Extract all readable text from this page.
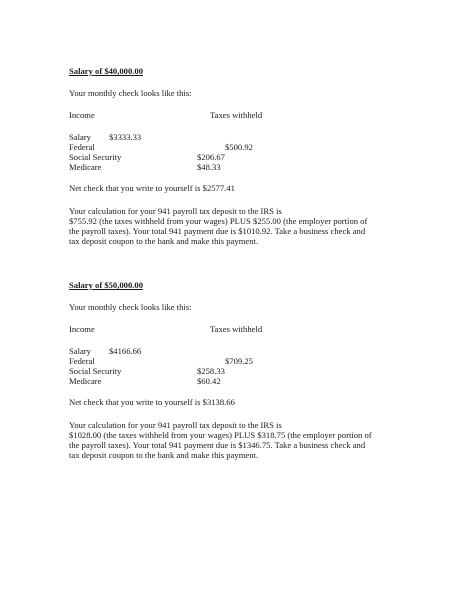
Salary of $40,000.00
Your monthly check looks like this:
Income	Taxes withheld
Salary $3333.33
Federal	$500.92
Social Security	$206.67
Medicare	$48.33
Net check that you write to yourself is $2577.41
Your calculation for your 941 payroll tax deposit to the IRS is
$755.92 (the taxes withheld from your wages) PLUS $255.00 (the employer portion of
the payroll taxes). Your total 941 payment due is $1010.92. Take a business check and
tax deposit coupon to the bank and make this payment.
Salary of $50,000.00
Your monthly check looks like this:
Income	Taxes withheld
Salary $4166.66
Federal	$709.25
Social Security	$258.33
Medicare	$60.42
Net check that you write to yourself is $3138.66
Your calculation for your 941 payroll tax deposit to the IRS is
$1028.00 (the taxes withheld from your wages) PLUS $318.75 (the employer portion of
the payroll taxes). Your total 941 payment due is $1346.75. Take a business check and
tax deposit coupon to the bank and make this payment.
